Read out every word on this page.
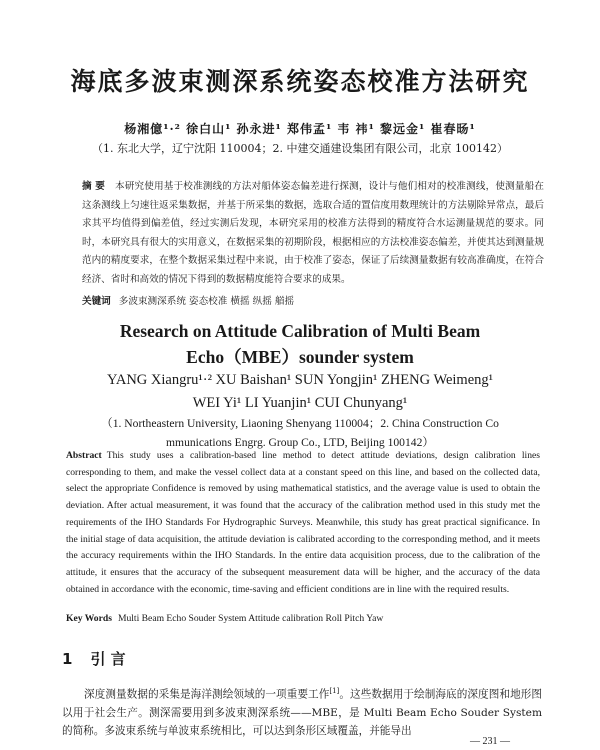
海底多波束测深系统姿态校准方法研究

杨湘億¹·² 徐白山¹ 孙永进¹ 郑伟孟¹ 韦 祎¹ 黎远金¹ 崔春旸¹

（1. 东北大学，辽宁沈阳 110004；2. 中建交通建设集团有限公司，北京 100142）

摘 要 本研究使用基于校准测线的方法对船体姿态偏差进行探测，设计与他们相对的校准测线，使测量船在这条测线上匀速往返采集数据，并基于所采集的数据，选取合适的置信度用数理统计的方法剔除异常点，最后求其平均值得到偏差值，经过实测后发现，本研究采用的校准方法得到的精度符合水运测量规范的要求。同时，本研究具有很大的实用意义，在数据采集的初期阶段，根据相应的方法校准姿态偏差，并使其达到测量规范内的精度要求，在整个数据采集过程中来说，由于校准了姿态，保证了后续测量数据有较高准确度，在符合经济、省时和高效的情况下得到的数据精度能符合要求的成果。

关键词 多波束测深系统 姿态校准 横摇 纵摇 艏摇

Research on Attitude Calibration of Multi Beam
Echo（MBE）sounder system

YANG Xiangru¹·² XU Baishan¹ SUN Yongjin¹ ZHENG Weimeng¹
WEI Yi¹ LI Yuanjin¹ CUI Chunyang¹

（1. Northeastern University, Liaoning Shenyang 110004；2. China Construction Co
mmunications Engrg. Group Co., LTD, Beijing 100142）

Abstract This study uses a calibration-based line method to detect attitude deviations, design calibration lines corresponding to them, and make the vessel collect data at a constant speed on this line, and based on the collected data, select the appropriate Confidence is removed by using mathematical statistics, and the average value is used to obtain the deviation. After actual measurement, it was found that the accuracy of the calibration method used in this study met the requirements of the IHO Standards For Hydrographic Surveys. Meanwhile, this study has great practical significance. In the initial stage of data acquisition, the attitude deviation is calibrated according to the corresponding method, and it meets the accuracy requirements within the IHO Standards. In the entire data acquisition process, due to the calibration of the attitude, it ensures that the accuracy of the subsequent measurement data will be higher, and the accuracy of the data obtained in accordance with the economic, time-saving and efficient conditions are in line with the required results.

Key Words Multi Beam Echo Souder System Attitude calibration Roll Pitch Yaw

1 引 言

深度测量数据的采集是海洋测绘领域的一项重要工作[1]。这些数据用于绘制海底的深度图和地形图以用于社会生产。测深需要用到多波束测深系统——MBE，是 Multi Beam Echo Souder System 的简称。多波束系统与单波束系统相比，可以达到条形区域覆盖，并能导出

— 231 —
